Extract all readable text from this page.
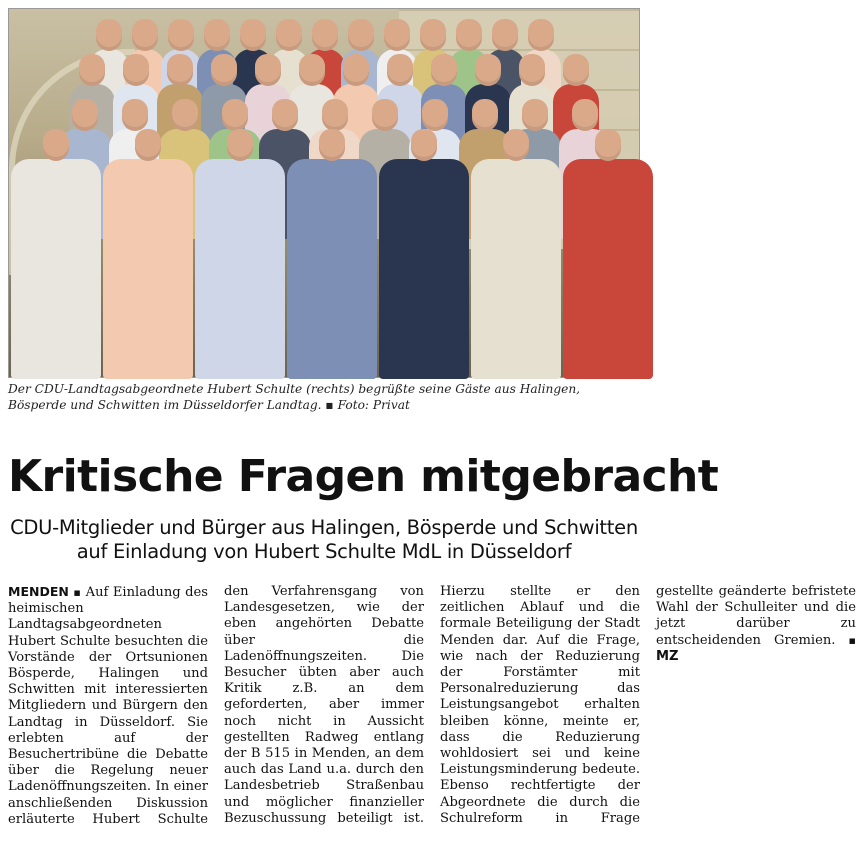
Der CDU-Landtagsabgeordnete Hubert Schulte (rechts) begrüßte seine Gäste aus Halingen, Bösperde und Schwitten im Düsseldorfer Landtag. ▪ Foto: Privat
Kritische Fragen mitgebracht
CDU-Mitglieder und Bürger aus Halingen, Bösperde und Schwitten
auf Einladung von Hubert Schulte MdL in Düsseldorf

MENDEN ▪ Auf Einladung des heimischen Landtagsabgeordneten Hubert Schulte besuchten die Vorstände der Ortsunionen Bösperde, Halingen und Schwitten mit interessierten Mitgliedern und Bürgern den Landtag in Düsseldorf. Sie erlebten auf der Besuchertribüne die Debatte über die Regelung neuer Ladenöffnungszeiten. In einer anschließenden Diskussion erläuterte Hubert Schulte den Verfahrensgang von Landesgesetzen, wie der eben angehörten Debatte über die Ladenöffnungszeiten. Die Besucher übten aber auch Kritik z.B. an dem geforderten, aber immer noch nicht in Aussicht gestellten Radweg entlang der B 515 in Menden, an dem auch das Land u.a. durch den Landesbetrieb Straßenbau und möglicher finanzieller Bezuschussung beteiligt ist. Hierzu stellte er den zeitlichen Ablauf und die formale Beteiligung der Stadt Menden dar. Auf die Frage, wie nach der Reduzierung der Forstämter mit Personalreduzierung das Leistungsangebot erhalten bleiben könne, meinte er, dass die Reduzierung wohldosiert sei und keine Leistungsminderung bedeute. Ebenso rechtfertigte der Abgeordnete die durch die Schulreform in Frage gestellte geänderte befristete Wahl der Schulleiter und die jetzt darüber zu entscheidenden Gremien. ▪ MZ
